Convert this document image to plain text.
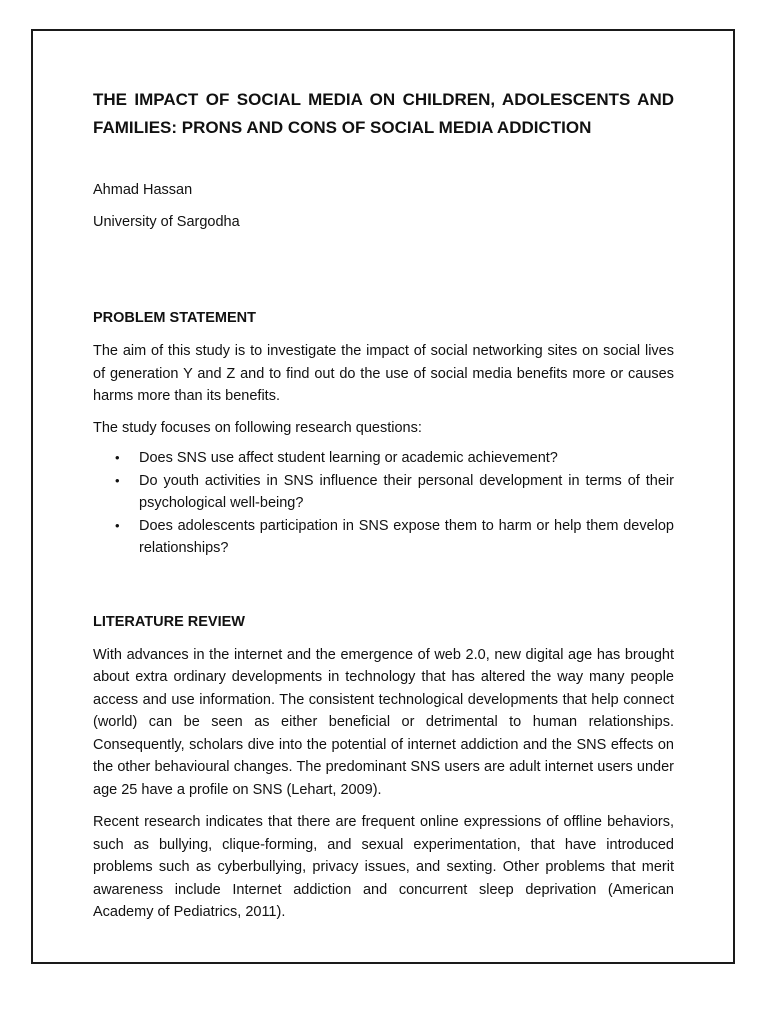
THE IMPACT OF SOCIAL MEDIA ON CHILDREN, ADOLESCENTS AND
FAMILIES: PRONS AND CONS OF SOCIAL MEDIA ADDICTION

Ahmad Hassan

University of Sargodha

PROBLEM STATEMENT

The aim of this study is to investigate the impact of social networking sites on social lives of generation Y and Z and to find out do the use of social media benefits more or causes harms more than its benefits.

The study focuses on following research questions:

• Does SNS use affect student learning or academic achievement?
• Do youth activities in SNS influence their personal development in terms of their psychological well-being?
• Does adolescents participation in SNS expose them to harm or help them develop relationships?
LITERATURE REVIEW

With advances in the internet and the emergence of web 2.0, new digital age has brought about extra ordinary developments in technology that has altered the way many people access and use information. The consistent technological developments that help connect (world) can be seen as either beneficial or detrimental to human relationships. Consequently, scholars dive into the potential of internet addiction and the SNS effects on the other behavioural changes. The predominant SNS users are adult internet users under age 25 have a profile on SNS (Lehart, 2009).

Recent research indicates that there are frequent online expressions of offline behaviors, such as bullying, clique-forming, and sexual experimentation, that have introduced problems such as cyberbullying, privacy issues, and sexting. Other problems that merit awareness include Internet addiction and concurrent sleep deprivation (American Academy of Pediatrics, 2011).
